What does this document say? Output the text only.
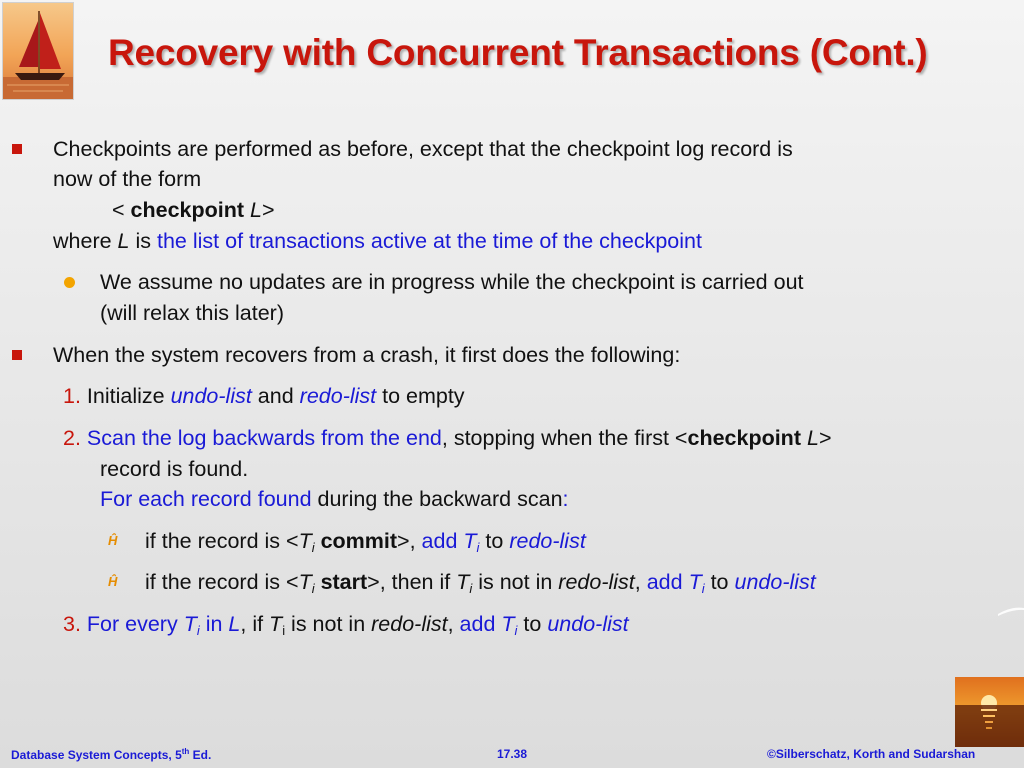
Recovery with Concurrent Transactions (Cont.)
Checkpoints are performed as before, except that the checkpoint log record is
now of the form
< checkpoint L>
where L is the list of transactions active at the time of the checkpoint
We assume no updates are in progress while the checkpoint is carried out
(will relax this later)
When the system recovers from a crash, it first does the following:
1. Initialize undo-list and redo-list to empty
2. Scan the log backwards from the end, stopping when the first <checkpoint L>
record is found.
For each record found during the backward scan:
Ĥ if the record is $<T_i$ commit>, add $T_i$ to redo-list
Ĥ if the record is $<T_i$ start>, then if $T_i$ is not in redo-list, add $T_i$ to undo-list
3. For every $T_i$ in L, if $T_i$ is not in redo-list, add $T_i$ to undo-list
Database System Concepts, 5th Ed.	17.38	©Silberschatz, Korth and Sudarshan
